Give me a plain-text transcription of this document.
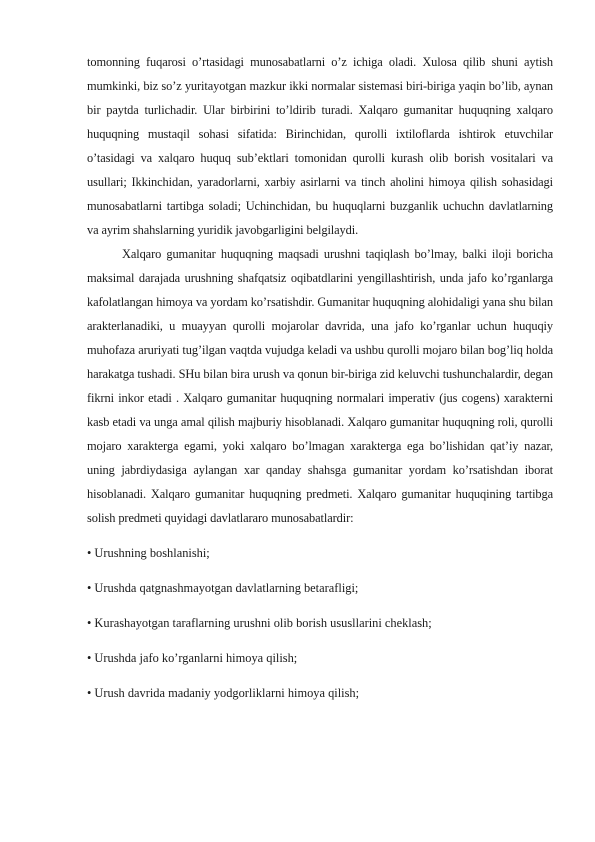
tomonning fuqarosi o’rtasidagi munosabatlarni o’z ichiga oladi. Xulosa qilib shuni aytish mumkinki, biz so’z yuritayotgan mazkur ikki normalar sistemasi biri-biriga yaqin bo’lib, aynan bir paytda turlichadir. Ular birbirini to’ldirib turadi. Xalqaro gumanitar huquqning xalqaro huquqning mustaqil sohasi sifatida: Birinchidan, qurolli ixtiloflarda ishtirok etuvchilar o’tasidagi va xalqaro huquq sub’ektlari tomonidan qurolli kurash olib borish vositalari va usullari; Ikkinchidan, yaradorlarni, xarbiy asirlarni va tinch aholini himoya qilish sohasidagi munosabatlarni tartibga soladi; Uchinchidan, bu huquqlarni buzganlik uchuchn davlatlarning va ayrim shahslarning yuridik javobgarligini belgilaydi.

Xalqaro gumanitar huquqning maqsadi urushni taqiqlash bo’lmay, balki iloji boricha maksimal darajada urushning shafqatsiz oqibatdlarini yengillashtirish, unda jafo ko’rganlarga kafolatlangan himoya va yordam ko’rsatishdir. Gumanitar huquqning alohidaligi yana shu bilan arakterlanadiki, u muayyan qurolli mojarolar davrida, una jafo ko’rganlar uchun huquqiy muhofaza aruriyati tug’ilgan vaqtda vujudga keladi va ushbu qurolli mojaro bilan bog’liq holda harakatga tushadi. SHu bilan bira urush va qonun bir-biriga zid keluvchi tushunchalardir, degan fikrni inkor etadi . Xalqaro gumanitar huquqning normalari imperativ (jus cogens) xarakterni kasb etadi va unga amal qilish majburiy hisoblanadi. Xalqaro gumanitar huquqning roli, qurolli mojaro xarakterga egami, yoki xalqaro bo’lmagan xarakterga ega bo’lishidan qat’iy nazar, uning jabrdiydasiga aylangan xar qanday shahsga gumanitar yordam ko’rsatishdan iborat hisoblanadi. Xalqaro gumanitar huquqning predmeti. Xalqaro gumanitar huquqining tartibga solish predmeti quyidagi davlatlararo munosabatlardir:

• Urushning boshlanishi;
• Urushda qatgnashmayotgan davlatlarning betarafligi;
• Kurashayotgan taraflarning urushni olib borish ususllarini cheklash;
• Urushda jafo ko’rganlarni himoya qilish;
• Urush davrida madaniy yodgorliklarni himoya qilish;
